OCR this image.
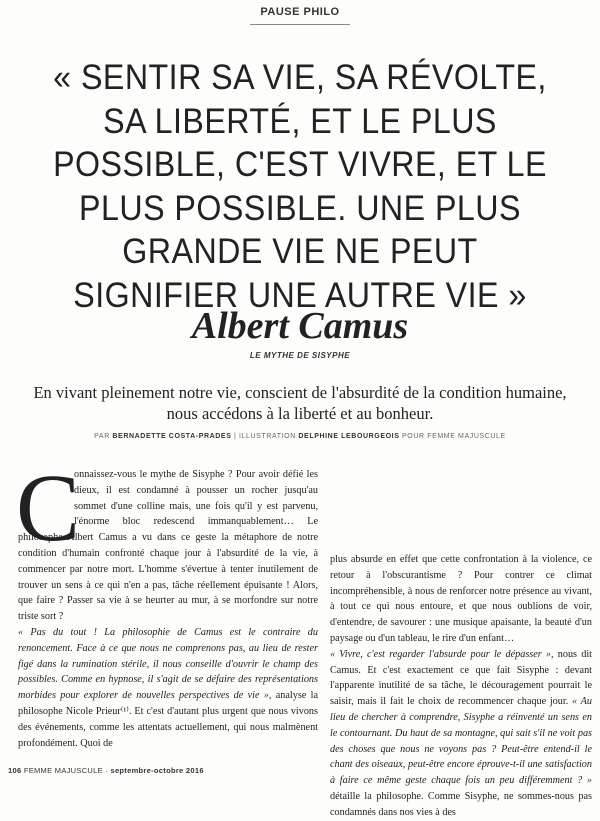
PAUSE PHILO
« SENTIR SA VIE, SA RÉVOLTE,
SA LIBERTÉ, ET LE PLUS
POSSIBLE, C'EST VIVRE, ET LE
PLUS POSSIBLE. UNE PLUS
GRANDE VIE NE PEUT
SIGNIFIER UNE AUTRE VIE »
Albert Camus
LE MYTHE DE SISYPHE
En vivant pleinement notre vie, conscient de l'absurdité de la condition humaine, nous accédons à la liberté et au bonheur.
PAR BERNADETTE COSTA-PRADES | ILLUSTRATION DELPHINE LEBOURGEOIS POUR FEMME MAJUSCULE
C

onnaissez-vous le mythe de Sisyphe ? Pour avoir défié les dieux, il est condamné à pousser un rocher jusqu'au sommet d'une colline mais, une fois qu'il y est parvenu, l'énorme bloc redescend immanquablement… Le philosophe Albert Camus a vu dans ce geste la métaphore de notre condition d'humain confronté chaque jour à l'absurdité de la vie, à commencer par notre mort. L'homme s'évertue à tenter inutilement de trouver un sens à ce qui n'en a pas, tâche réellement épuisante ! Alors, que faire ? Passer sa vie à se heurter au mur, à se morfondre sur notre triste sort ?

« Pas du tout ! La philosophie de Camus est le contraire du renoncement. Face à ce que nous ne comprenons pas, au lieu de rester figé dans la rumination stérile, il nous conseille d'ouvrir le champ des possibles. Comme en hypnose, il s'agit de se défaire des représentations morbides pour explorer de nouvelles perspectives de vie », analyse la philosophe Nicole Prieur⁽¹⁾. Et c'est d'autant plus urgent que nous vivons des événements, comme les attentats actuellement, qui nous malmènent profondément. Quoi de

plus absurde en effet que cette confrontation à la violence, ce retour à l'obscurantisme ? Pour contrer ce climat incompréhensible, à nous de renforcer notre présence au vivant, à tout ce qui nous entoure, et que nous oublions de voir, d'entendre, de savourer : une musique apaisante, la beauté d'un paysage ou d'un tableau, le rire d'un enfant…

« Vivre, c'est regarder l'absurde pour le dépasser », nous dit Camus. Et c'est exactement ce que fait Sisyphe : devant l'apparente inutilité de sa tâche, le découragement pourrait le saisir, mais il fait le choix de recommencer chaque jour. « Au lieu de chercher à comprendre, Sisyphe a réinventé un sens en le contournant. Du haut de sa montagne, qui sait s'il ne voit pas des choses que nous ne voyons pas ? Peut-être entend-il le chant des oiseaux, peut-être encore éprouve-t-il une satisfaction à faire ce même geste chaque fois un peu différemment ? » détaille la philosophe. Comme Sisyphe, ne sommes-nous pas condamnés dans nos vies à des

106 FEMME MAJUSCULE · septembre-octobre 2016
